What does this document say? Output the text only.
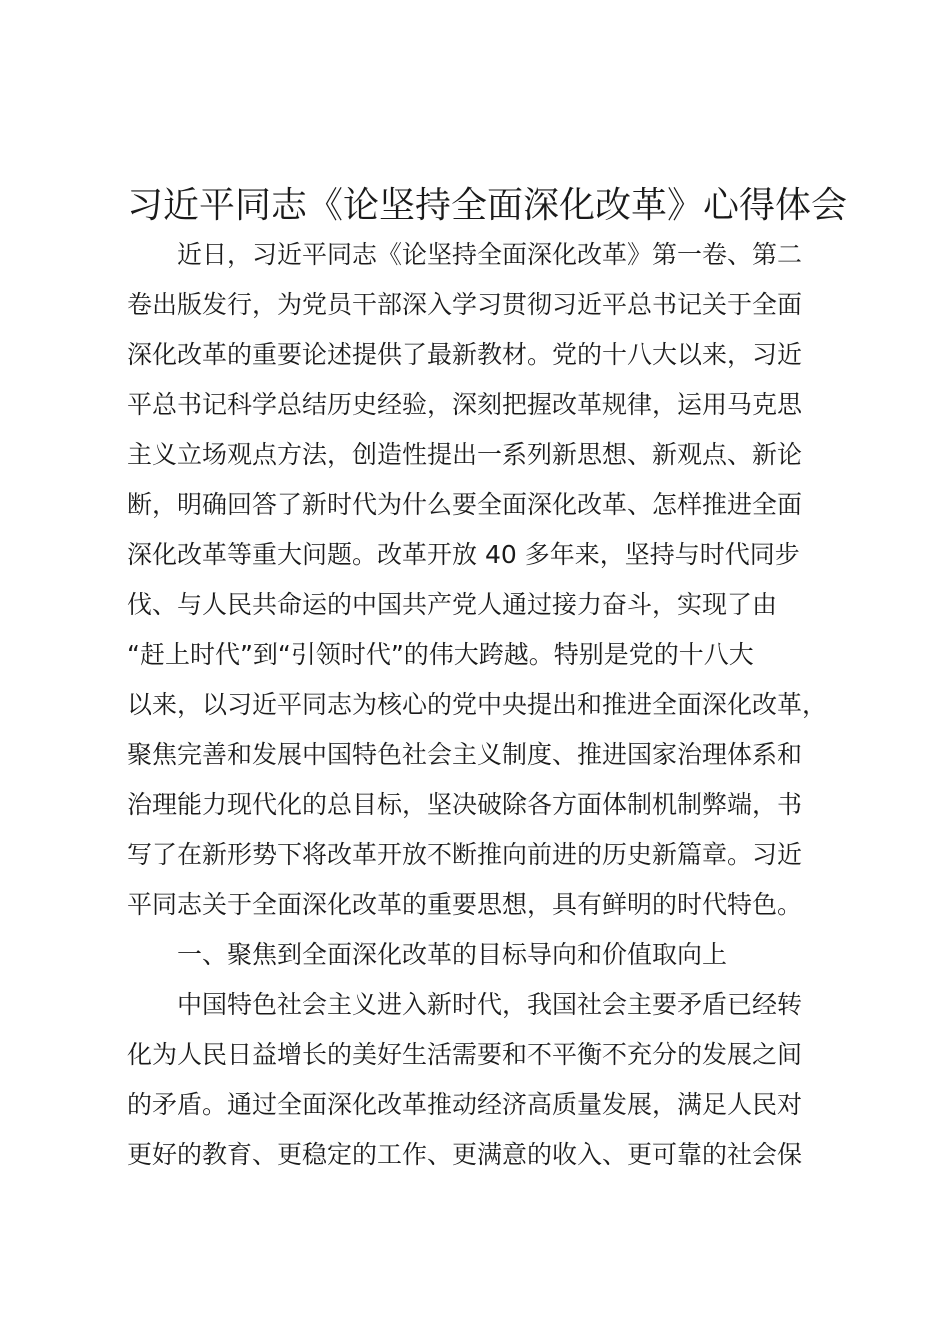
习近平同志《论坚持全面深化改革》心得体会
　　近日，习近平同志《论坚持全面深化改革》第一卷、第二
卷出版发行，为党员干部深入学习贯彻习近平总书记关于全面
深化改革的重要论述提供了最新教材。党的十八大以来，习近
平总书记科学总结历史经验，深刻把握改革规律，运用马克思
主义立场观点方法，创造性提出一系列新思想、新观点、新论
断，明确回答了新时代为什么要全面深化改革、怎样推进全面
深化改革等重大问题。改革开放 40 多年来，坚持与时代同步
伐、与人民共命运的中国共产党人通过接力奋斗，实现了由
“赶上时代”到“引领时代”的伟大跨越。特别是党的十八大
以来，以习近平同志为核心的党中央提出和推进全面深化改革，
聚焦完善和发展中国特色社会主义制度、推进国家治理体系和
治理能力现代化的总目标，坚决破除各方面体制机制弊端，书
写了在新形势下将改革开放不断推向前进的历史新篇章。习近
平同志关于全面深化改革的重要思想，具有鲜明的时代特色。
　　一、聚焦到全面深化改革的目标导向和价值取向上
　　中国特色社会主义进入新时代，我国社会主要矛盾已经转
化为人民日益增长的美好生活需要和不平衡不充分的发展之间
的矛盾。通过全面深化改革推动经济高质量发展，满足人民对
更好的教育、更稳定的工作、更满意的收入、更可靠的社会保
